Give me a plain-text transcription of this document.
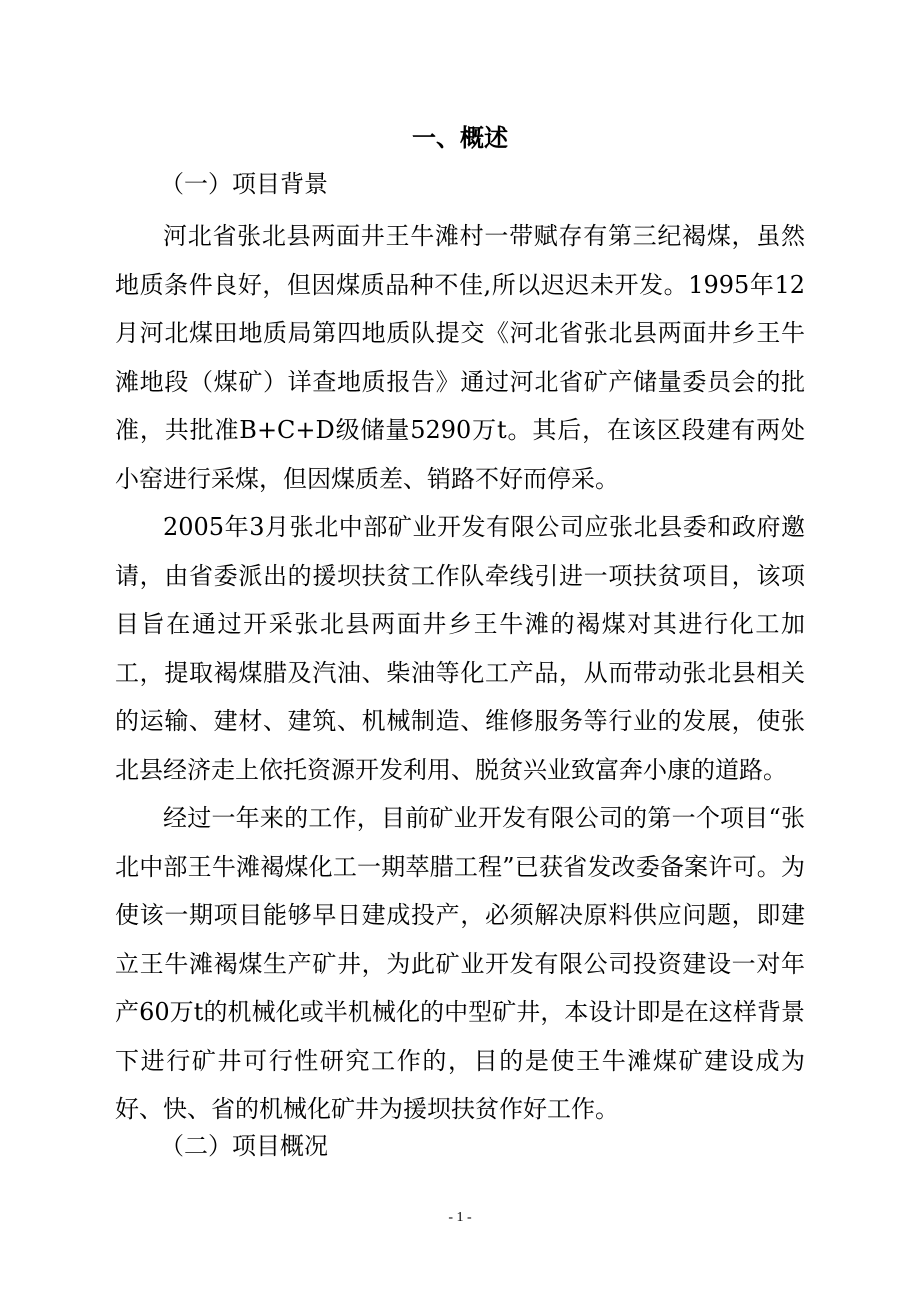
一、概述
（一）项目背景

河北省张北县两面井王牛滩村一带赋存有第三纪褐煤，虽然地质条件良好，但因煤质品种不佳,所以迟迟未开发。1995年12月河北煤田地质局第四地质队提交《河北省张北县两面井乡王牛滩地段（煤矿）详查地质报告》通过河北省矿产储量委员会的批准，共批准B+C+D级储量5290万t。其后，在该区段建有两处小窑进行采煤，但因煤质差、销路不好而停采。

2005年3月张北中部矿业开发有限公司应张北县委和政府邀请，由省委派出的援坝扶贫工作队牵线引进一项扶贫项目，该项目旨在通过开采张北县两面井乡王牛滩的褐煤对其进行化工加工，提取褐煤腊及汽油、柴油等化工产品，从而带动张北县相关的运输、建材、建筑、机械制造、维修服务等行业的发展，使张北县经济走上依托资源开发利用、脱贫兴业致富奔小康的道路。

经过一年来的工作，目前矿业开发有限公司的第一个项目“张北中部王牛滩褐煤化工一期萃腊工程”已获省发改委备案许可。为使该一期项目能够早日建成投产，必须解决原料供应问题，即建立王牛滩褐煤生产矿井，为此矿业开发有限公司投资建设一对年产60万t的机械化或半机械化的中型矿井，本设计即是在这样背景下进行矿井可行性研究工作的，目的是使王牛滩煤矿建设成为好、快、省的机械化矿井为援坝扶贫作好工作。

（二）项目概况
- 1 -
